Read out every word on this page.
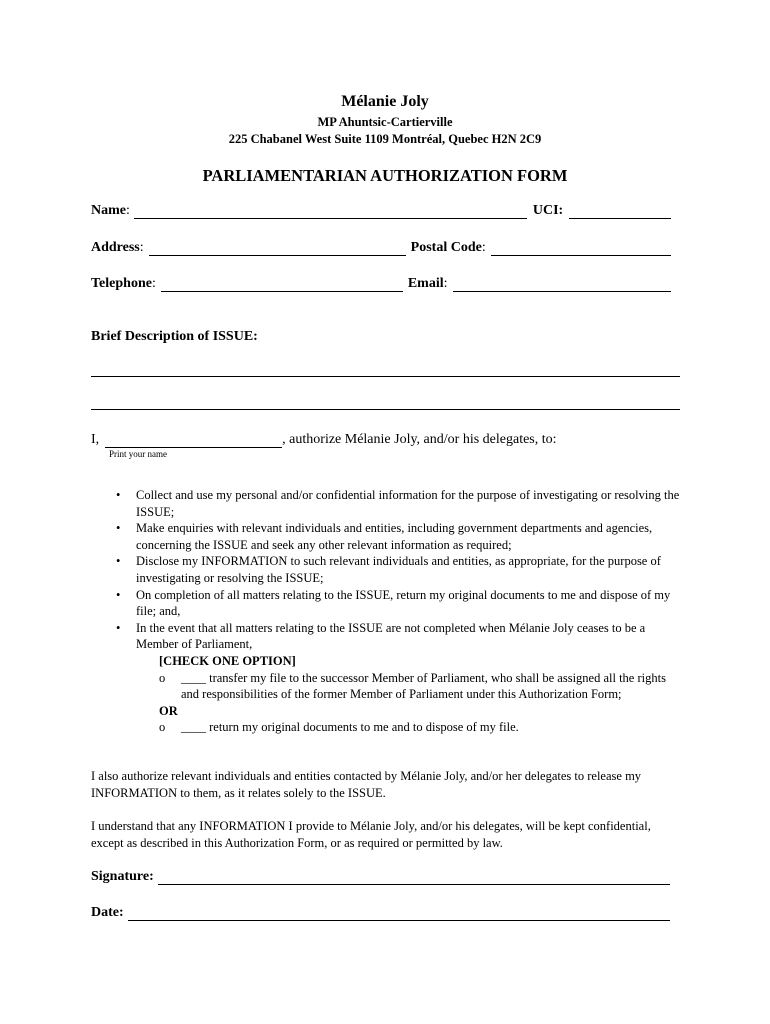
Mélanie Joly
MP Ahuntsic-Cartierville
225 Chabanel West Suite 1109 Montréal, Quebec H2N 2C9
PARLIAMENTARIAN AUTHORIZATION FORM
Name :	UCI:
Address :	Postal Code :
Telephone :	Email :
Brief Description of ISSUE:
I,	, authorize Mélanie Joly, and/or his delegates, to:
Print your name
• Collect and use my personal and/or confidential information for the purpose of investigating or resolving the ISSUE;
• Make enquiries with relevant individuals and entities, including government departments and agencies, concerning the ISSUE and seek any other relevant information as required;
• Disclose my INFORMATION to such relevant individuals and entities, as appropriate, for the purpose of investigating or resolving the ISSUE;
• On completion of all matters relating to the ISSUE, return my original documents to me and dispose of my file; and,
• In the event that all matters relating to the ISSUE are not completed when Mélanie Joly ceases to be a Member of Parliament,
[CHECK ONE OPTION]
o ____ transfer my file to the successor Member of Parliament, who shall be assigned all the rights and responsibilities of the former Member of Parliament under this Authorization Form;
OR
o ____ return my original documents to me and to dispose of my file.
I also authorize relevant individuals and entities contacted by Mélanie Joly, and/or her delegates to release my INFORMATION to them, as it relates solely to the ISSUE.
I understand that any INFORMATION I provide to Mélanie Joly, and/or his delegates, will be kept confidential, except as described in this Authorization Form, or as required or permitted by law.
Signature:
Date:
